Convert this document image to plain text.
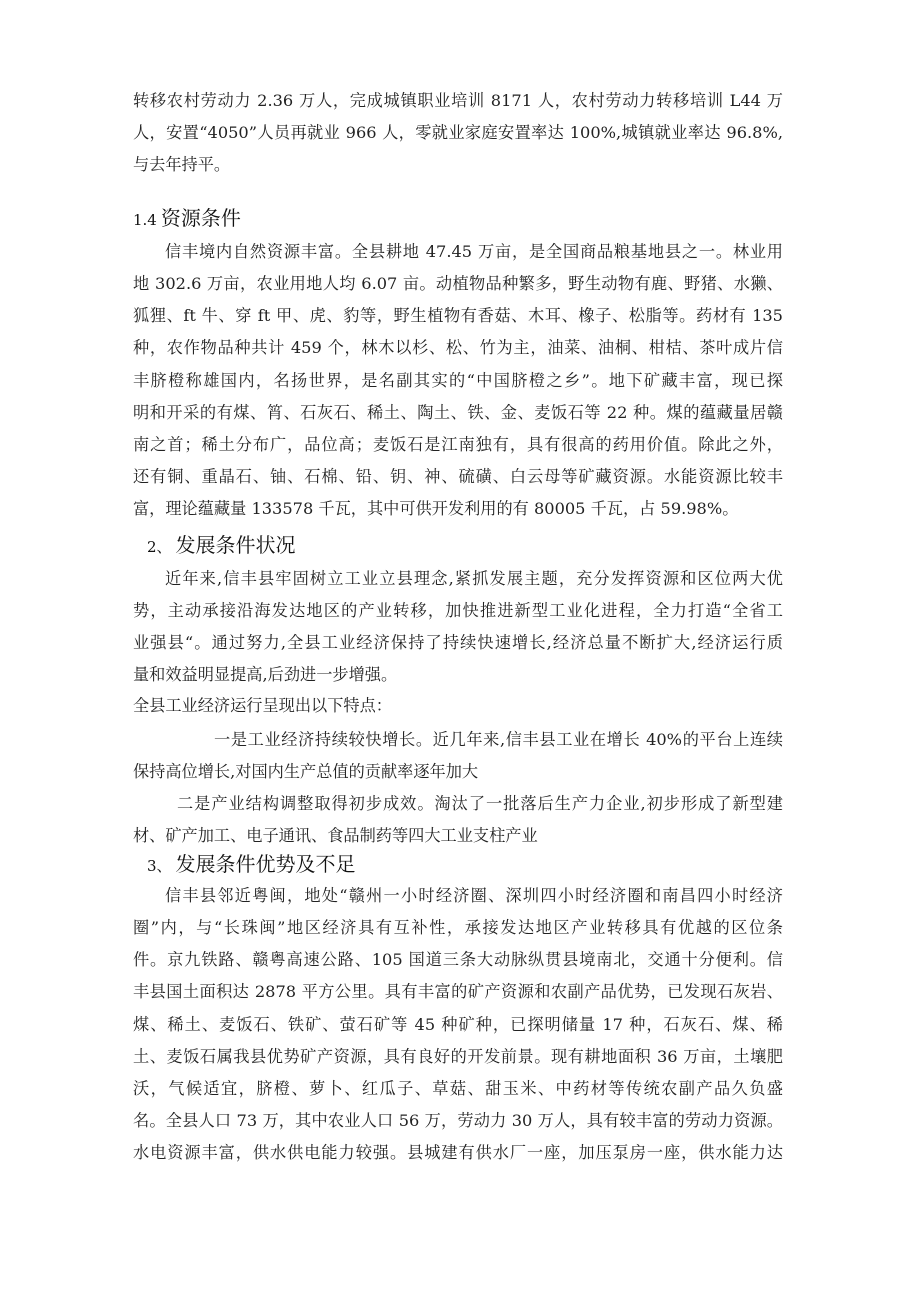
转移农村劳动力 2.36 万人，完成城镇职业培训 8171 人，农村劳动力转移培训 L44 万

人，安置“4050”人员再就业 966 人，零就业家庭安置率达 100%,城镇就业率达 96.8%,

与去年持平。

1.4 资源条件

信丰境内自然资源丰富。全县耕地 47.45 万亩，是全国商品粮基地县之一。林业用

地 302.6 万亩，农业用地人均 6.07 亩。动植物品种繁多，野生动物有鹿、野猪、水獭、

狐狸、ft 牛、穿 ft 甲、虎、豹等，野生植物有香菇、木耳、橡子、松脂等。药材有 135

种，农作物品种共计 459 个，林木以杉、松、竹为主，油菜、油桐、柑桔、茶叶成片信

丰脐橙称雄国内，名扬世界，是名副其实的“中国脐橙之乡”。地下矿藏丰富，现已探

明和开采的有煤、筲、石灰石、稀土、陶土、铁、金、麦饭石等 22 种。煤的蕴藏量居赣

南之首；稀土分布广，品位高；麦饭石是江南独有，具有很高的药用价值。除此之外，

还有铜、重晶石、铀、石棉、铅、钥、神、硫磺、白云母等矿藏资源。水能资源比较丰

富，理论蕴藏量 133578 千瓦，其中可供开发利用的有 80005 千瓦，占 59.98%。

2、 发展条件状况

近年来,信丰县牢固树立工业立县理念,紧抓发展主题，充分发挥资源和区位两大优

势，主动承接沿海发达地区的产业转移，加快推进新型工业化进程，全力打造“全省工

业强县“。通过努力,全县工业经济保持了持续快速增长,经济总量不断扩大,经济运行质

量和效益明显提高,后劲进一步增强。

全县工业经济运行呈现出以下特点：

一是工业经济持续较快增长。近几年来,信丰县工业在增长 40%的平台上连续

保持高位增长,对国内生产总值的贡献率逐年加大

二是产业结构调整取得初步成效。淘汰了一批落后生产力企业,初步形成了新型建

材、矿产加工、电子通讯、食品制药等四大工业支柱产业

3、 发展条件优势及不足

信丰县邻近粤闽，地处“赣州一小时经济圈、深圳四小时经济圈和南昌四小时经济

圈”内，与“长珠闽”地区经济具有互补性，承接发达地区产业转移具有优越的区位条

件。京九铁路、赣粤高速公路、105 国道三条大动脉纵贯县境南北，交通十分便利。信

丰县国土面积达 2878 平方公里。具有丰富的矿产资源和农副产品优势，已发现石灰岩、

煤、稀土、麦饭石、铁矿、萤石矿等 45 种矿种，已探明储量 17 种，石灰石、煤、稀

土、麦饭石属我县优势矿产资源，具有良好的开发前景。现有耕地面积 36 万亩，土壤肥

沃，气候适宜，脐橙、萝卜、红瓜子、草菇、甜玉米、中药材等传统农副产品久负盛

名。全县人口 73 万，其中农业人口 56 万，劳动力 30 万人，具有较丰富的劳动力资源。

水电资源丰富，供水供电能力较强。县城建有供水厂一座，加压泵房一座，供水能力达
